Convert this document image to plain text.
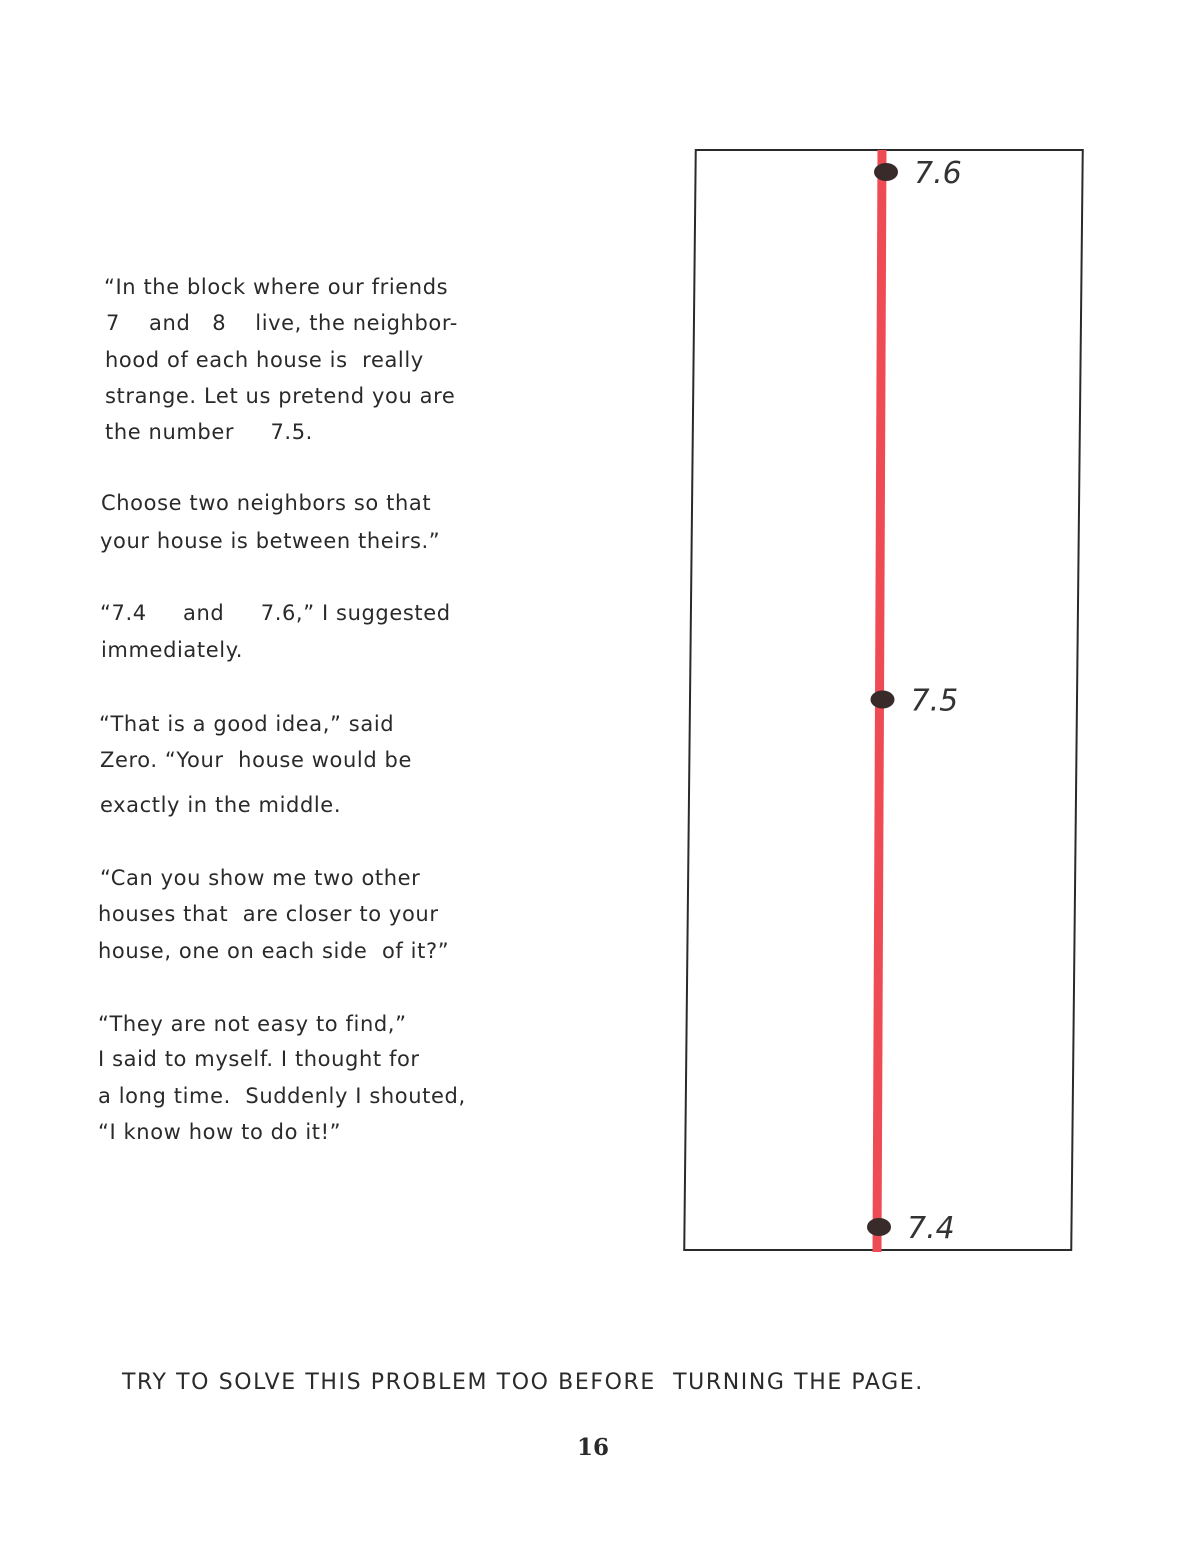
“In the block where our friends
7    and   8    live, the neighbor-
hood of each house is  really
strange. Let us pretend you are
the number     7.5.
Choose two neighbors so that
your house is between theirs.”
“7.4     and     7.6,” I suggested
immediately.
“That is a good idea,” said
Zero. “Your  house would be
exactly in the middle.
“Can you show me two other
houses that  are closer to your
house, one on each side  of it?”
“They are not easy to find,”
I said to myself. I thought for
a long time.  Suddenly I shouted,
“I know how to do it!”
7.6
7.5
7.4
TRY TO SOLVE THIS PROBLEM TOO BEFORE  TURNING THE PAGE.
16
